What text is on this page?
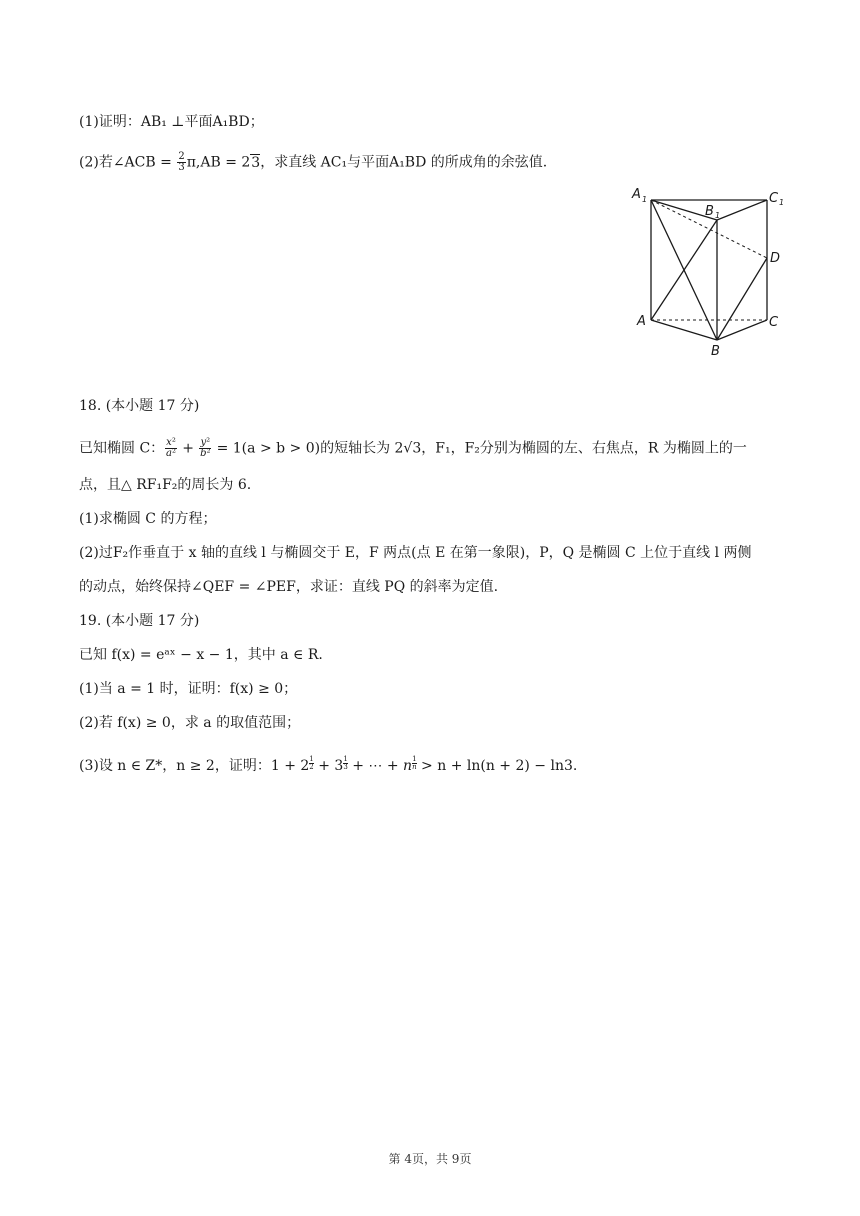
(1)证明：AB₁ ⊥平面A₁BD；
(2)若∠ACB = $\frac{2}{3} \pi,AB = 23$，求直线 AC₁与平面A₁BD 的所成角的余弦值.
A 1
B 1
C 1
D
A	C
B
18. (本小题 17 分)
已知椭圆 C： $\frac{\text{x²}}{\text{a²}} + \frac{\text{y²}}{\text{b²}} = 1(a > b > 0)$的短轴长为 2√3，F₁，F₂分别为椭圆的左、右焦点，R 为椭圆上的一
点，且△ RF₁F₂的周长为 6.
(1)求椭圆 C 的方程；
(2)过F₂作垂直于 x 轴的直线 l 与椭圆交于 E，F 两点(点 E 在第一象限)，P，Q 是椭圆 C 上位于直线 l 两侧
的动点，始终保持∠QEF = ∠PEF，求证：直线 PQ 的斜率为定值.
19. (本小题 17 分)
已知 f(x) = eᵃˣ − x − 1，其中 a ∈ R.
(1)当 a = 1 时，证明：f(x) ≥ 0；
(2)若 f(x) ≥ 0，求 a 的取值范围；
(3)设 n ∈ Z*，n ≥ 2，证明：$1 + 2 \frac{1}{2} + 3 \frac{1}{3}$ + ⋯ + n $\frac{1}{n} > n + \ln(n + 2) - \ln 3$.
第 4页，共 9页
